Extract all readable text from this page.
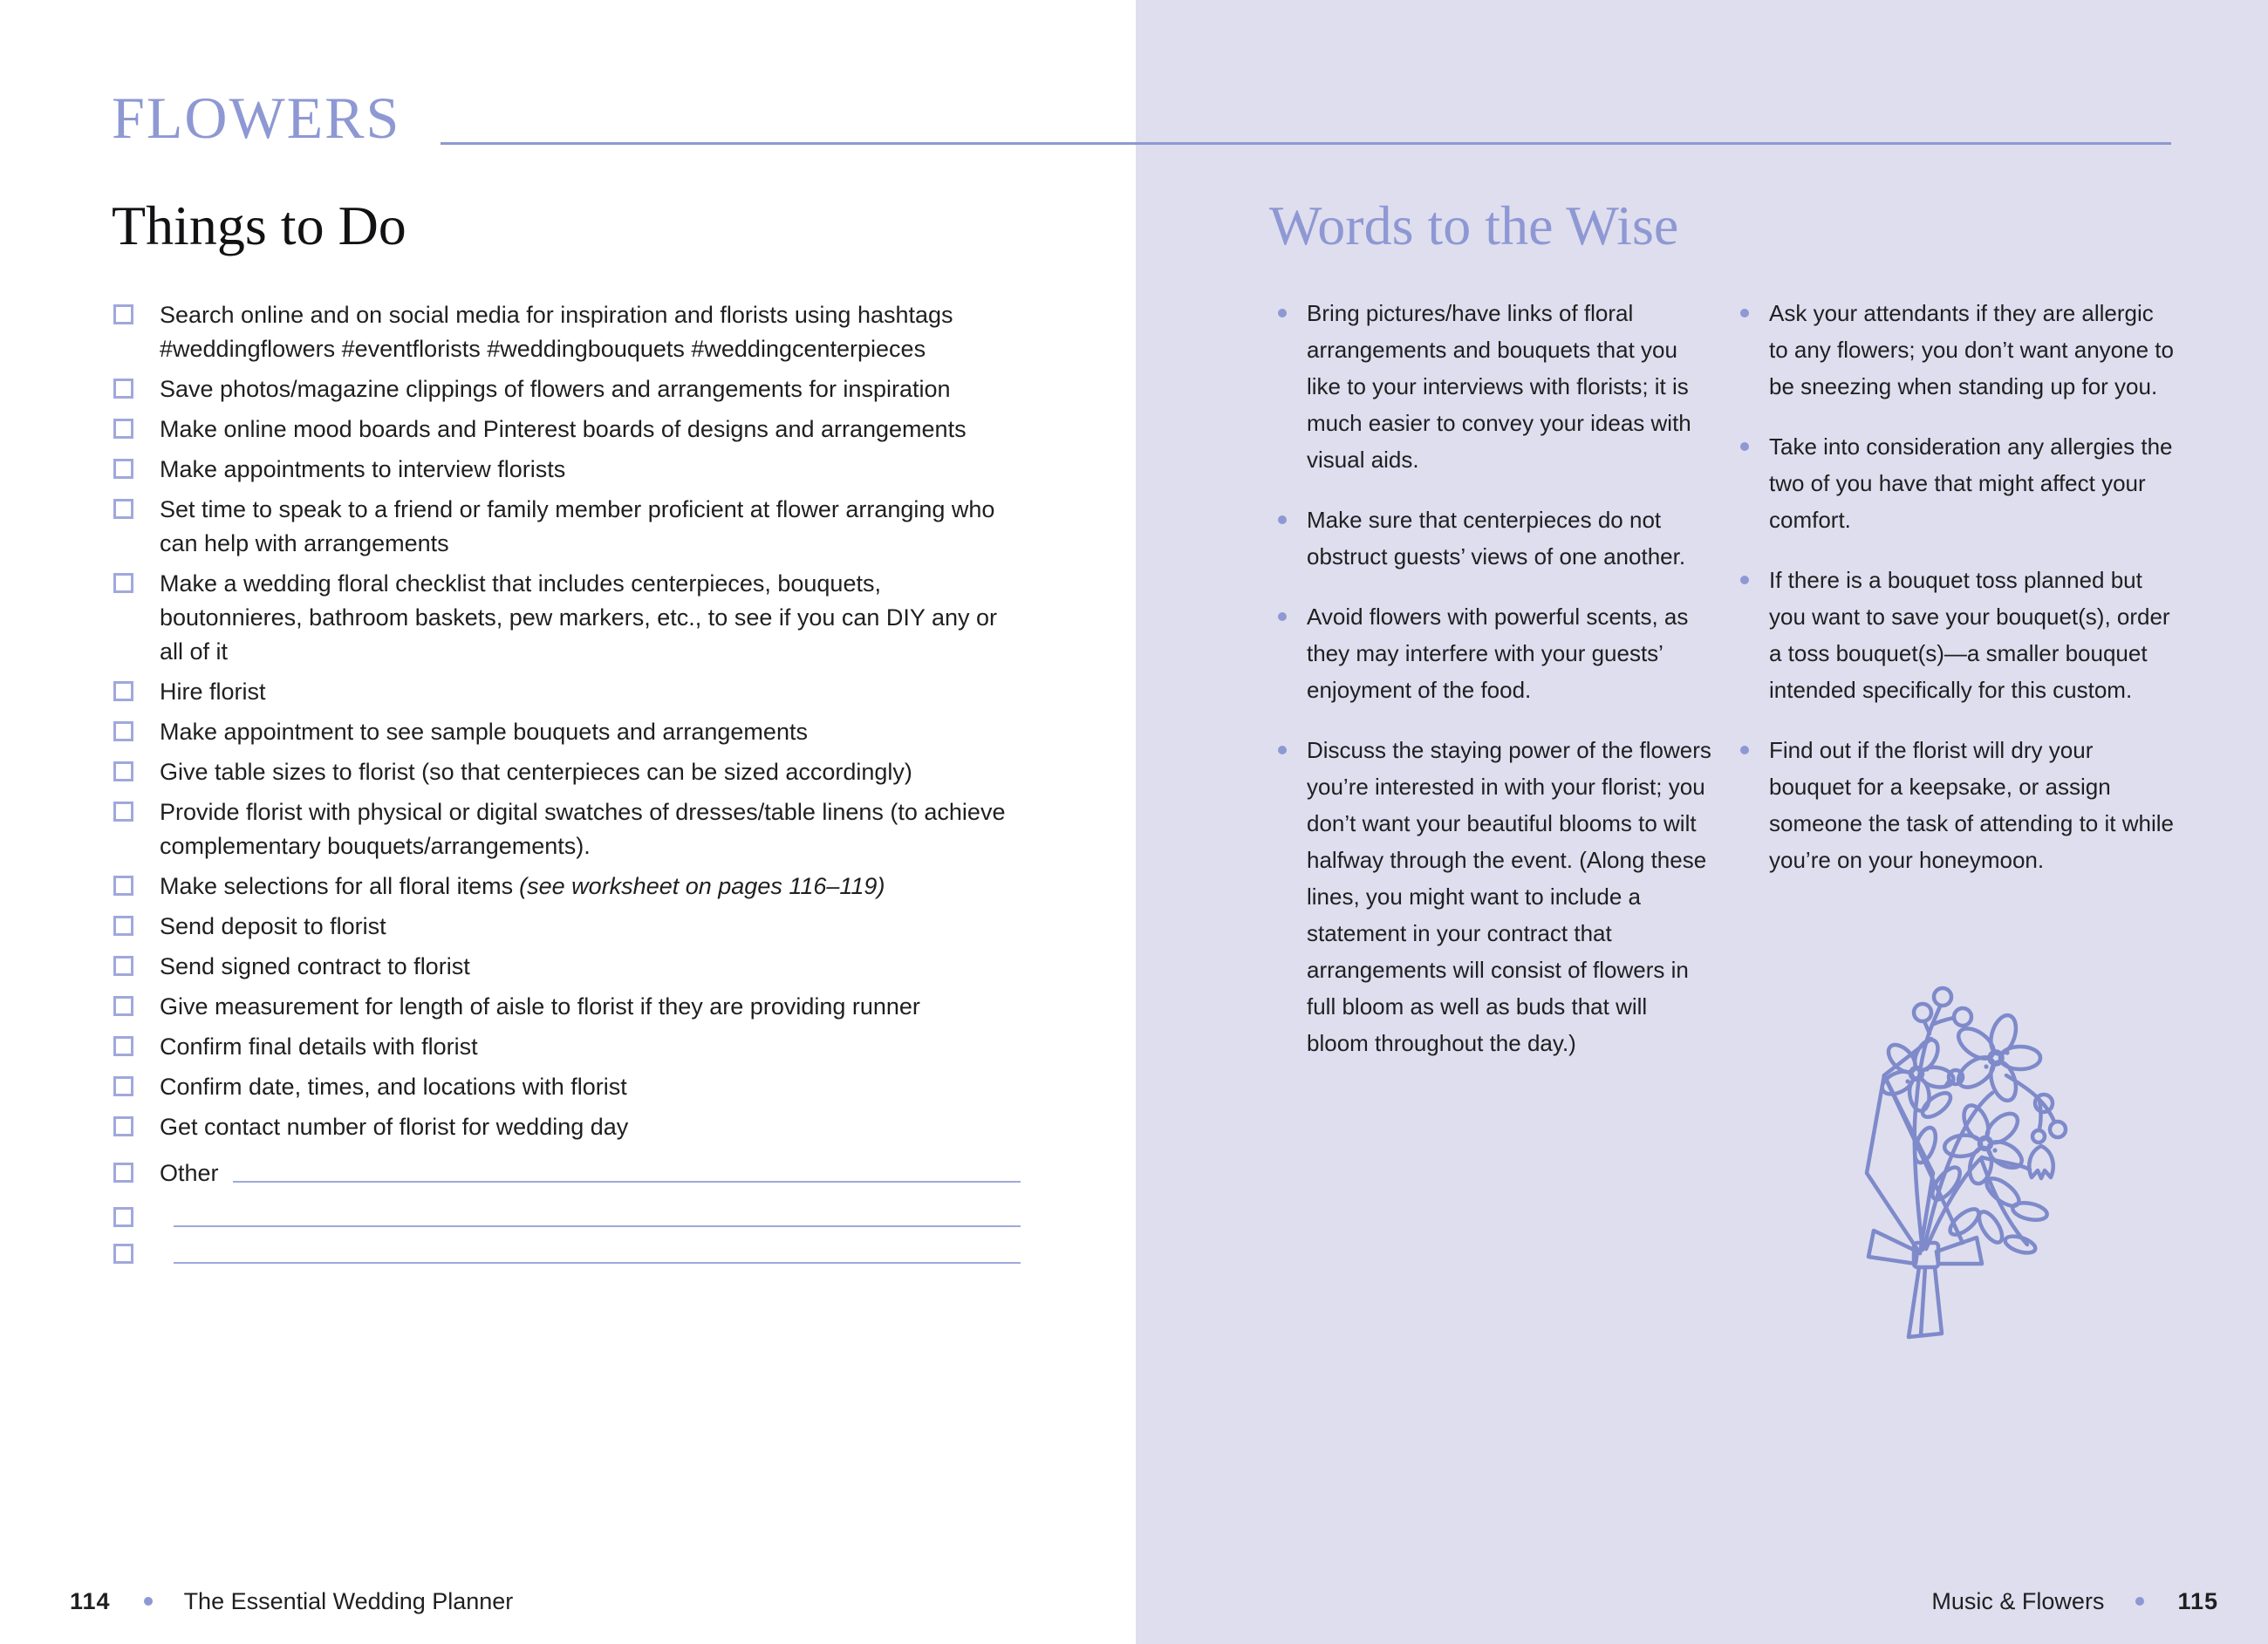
FLOWERS
Things to Do
Search online and on social media for inspiration and florists using hashtags #weddingflowers #eventflorists #weddingbouquets #weddingcenterpieces
Save photos/magazine clippings of flowers and arrangements for inspiration
Make online mood boards and Pinterest boards of designs and arrangements
Make appointments to interview florists
Set time to speak to a friend or family member proficient at flower arranging who can help with arrangements
Make a wedding floral checklist that includes centerpieces, bouquets, boutonnieres, bathroom baskets, pew markers, etc., to see if you can DIY any or all of it
Hire florist
Make appointment to see sample bouquets and arrangements
Give table sizes to florist (so that centerpieces can be sized accordingly)
Provide florist with physical or digital swatches of dresses/table linens (to achieve complementary bouquets/arrangements).
Make selections for all floral items (see worksheet on pages 116–119)
Send deposit to florist
Send signed contract to florist
Give measurement for length of aisle to florist if they are providing runner
Confirm final details with florist
Confirm date, times, and locations with florist
Get contact number of florist for wedding day
Other
114	The Essential Wedding Planner
Words to the Wise
Bring pictures/have links of floral arrangements and bouquets that you like to your interviews with florists; it is much easier to convey your ideas with visual aids.
Make sure that centerpieces do not obstruct guests’ views of one another.
Avoid flowers with powerful scents, as they may interfere with your guests’ enjoyment of the food.
Discuss the staying power of the flowers you’re interested in with your florist; you don’t want your beautiful blooms to wilt halfway through the event. (Along these lines, you might want to include a statement in your contract that arrangements will consist of flowers in full bloom as well as buds that will bloom throughout the day.)
Ask your attendants if they are allergic to any flowers; you don’t want anyone to be sneezing when standing up for you.
Take into consideration any allergies the two of you have that might affect your comfort.
If there is a bouquet toss planned but you want to save your bouquet(s), order a toss bouquet(s)—a smaller bouquet intended specifically for this custom.
Find out if the florist will dry your bouquet for a keepsake, or assign someone the task of attending to it while you’re on your honeymoon.
Music & Flowers	115
